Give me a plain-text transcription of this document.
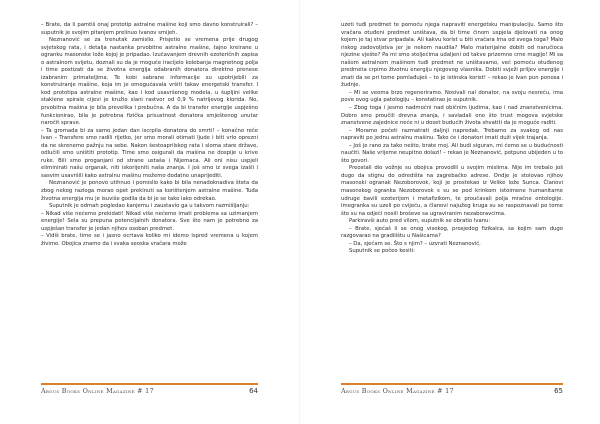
– Brate, da li pamtiš onaj prototip astralne mašine koji smo davno konstruirali? – suputnik je svojim pitanjem prelinuo Ivanov smijeh.

Neznanović se za trenutak zamislio. Prisjetio se vremena prije drugog svjetskog rata, i detalja nastanka prvobitne astralne mašine, tajno kreirane u ogranku masonske lože kojoj je pripadao. Izučavanjem drevnih ezoteričnih zapisa o astralnom svijetu, doznali su da je moguće iracijelo kolebanja magnetnog polja i time postizati da se životna energija odabranih donatora direktno prenese izabranim primateljima. Te kobi sabrane informacije su upotrijebili za konstruiranje mašine, koja im je omogućavala vršiti takav energetski transfer. I kod prototipa astralne mašine, kao i kod usavršenog modela, u šupljini velike staklene spirale cijevi je kružio slani rastvor od 0,9 % natrijevog klorida. No, prvobitna mašina je bila prevelika i prebučna. A da bi transfer energije uspješno funkcionirao, bila je potrebna fizička prisustnost donatora smještenog unutar naročit sprave.

– Ta gromada bi za samo jedan dan iscrpila donatora do smrti! – konačno reče Ivan – Transfere smo radili rijetko, jer smo morali otimati ljude i biti vrlo oprezni da ne skrenemo pažnju na sebe. Nakon šestoaprilskog rata i sloma stare države, odlučili smo uništiti prototip. Time smo osigurali da mašina ne dospije u krive ruke. Bili smo proganjani od strane ustaša i Nijemaca. Ali oni nisu uspjeli eliminirati našu organak, niti iskorijeniti naša znanja. I još smo iz svega izašli i sasvim usavršili kako astralnu mašinu možemo dodatno unaprijediti.

Neznanović je ponovo utihnuo i pomislio kako bi bila nenadoknadiva šteta da zbog nekog razloga morao opet prekinuti sa korištenjem astralne mašine. Tuđa životna energija mu je isuviše godila da bi je se tako lako odrekao.

Suputnik je odmah pogledao kanjemu i zaustavio ga u takvom razmišljanju:

– Nikad više nećemo prekidati! Nikad više nećemo imati problema sa uzimanjem energije! Sela su prepuna potencijalnih donatora. Sve što nam je potrebno za uspješan transfer je jedan njihov osoban predmet.

– Vidiš brate, time se i jasno ocrtava koliko mi idemo ispred vremena u kojem živimo. Obojica znamo da i svaka seoska vračara može

Argus Books Online Magazine # 17	64

uzeti tuđi predmet te pomoću njega napraviti energetsku manipulaciju. Samo što vračara otuđeni predmet uništava, da bi time činom uspjela djelovati na onog kojem je taj stvar pripadala. Ali kakvu korist u biti vračara ima od svega toga? Malo riskog zadovoljstva jer je nekom naudila? Malo materijalne dobiti od naručioca njezine vješte? Pa mi smo stoljećima udaljeni od takve prizemne crne magije! Mi sa našom astralnom mašinom tuđi predmet ne uništavamo, već pomoću otuđenog predmeta crpimo životnu energiju njegovog vlasnika. Dobiti svježi priljev energije i znati da se pri tome pomlađuješ – to je istinska korist! – rekao je Ivan pun ponosa i žudnje.

– Mi se veoma brzo regeneriramo. Nosivali nal donator, na svoju nesreću, ima pove ovog ugla patologiju – konstatirao je suputnik.

– Zbog toga i jesmo nadmoćni nad običnim ljudima, kao i nad znanstvenicima. Dobro smo proučili drevna znanja, i savladali ono što trust mogova svjetske znanstvene zajednice neće ni u doset budućih života shvatiti da je moguće raditi.

– Moramo početi razmatrati daljnji napredak. Trebamo za svakog od nas napraviti po jednu astralnu mašinu. Tako će i donatori imati duži vijek trajanja.

– Još je rano za tako nešto, brate moj. Ali budi siguran, mi ćemo se u budućnosti naučiti. Naše vrijeme neupitno dolazi! – rekao je Neznanović, potpuno ubijeden u to što govori.

Preostali dio vožnje su obojica provodili u svojim mislima. Nije im trebalo još dugo da stignu do odredišta na zagrebačko adrese. Ondje je stolovao njihov masonski ogranak Nezoborovok, koji je prostekao iz Velike lože Sunca. Članovi masonskog ogranka Nezoborovok s su se pod krinkom istoimene humanitarne udruge bavili ezoterijom i metafizikom, te proučavali polja mračne ontologije. Imegranka su uzeli po cvijeću, a članovi najužeg kruga su se raspoznavali po tome što su na odjeći nosili broševe sa ugraviranim nezaboravcima.

Parkiravši auto pred vilom, suputnik se obratio Ivanu:

– Brate, sjećaš li se onog visokog, prosjedog fizikalca, sa kojim sam dugo razgovarao na gradilištu u Našicama?

– Da, sjećam se. Što s njim? – uzvrati Neznanović.

Suputnik se počeo kesiti:

Argus Books Online Magazine # 17	65
